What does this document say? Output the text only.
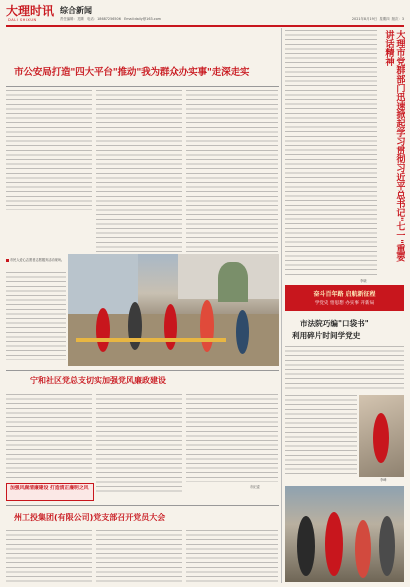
大理时讯
DALI SHIXUN
综合新闻
责任编辑：龙腾 电话：18687256506 Email:daily@163.com	2021年8月19日 星期四 版次：3
市公安局打造"四大平台"推动"我为群众办实事"走深走实
市民人爱心志愿者志愿服务活动现场。
宁和社区党总支切实加强党风廉政建设
市纪委
加强风腐清廉建设 打造清正廉明之风
州工投集团(有限公司)党支部召开党员大会
大理市党群部门迅速掀起学习贯彻习近平总书记"七一"重要讲话精神
李晓
奋斗百年路 启航新征程
学党史 悟思想 办实事 开新局
市法院巧编"口袋书"
利用碎片时间学党史
李峰
